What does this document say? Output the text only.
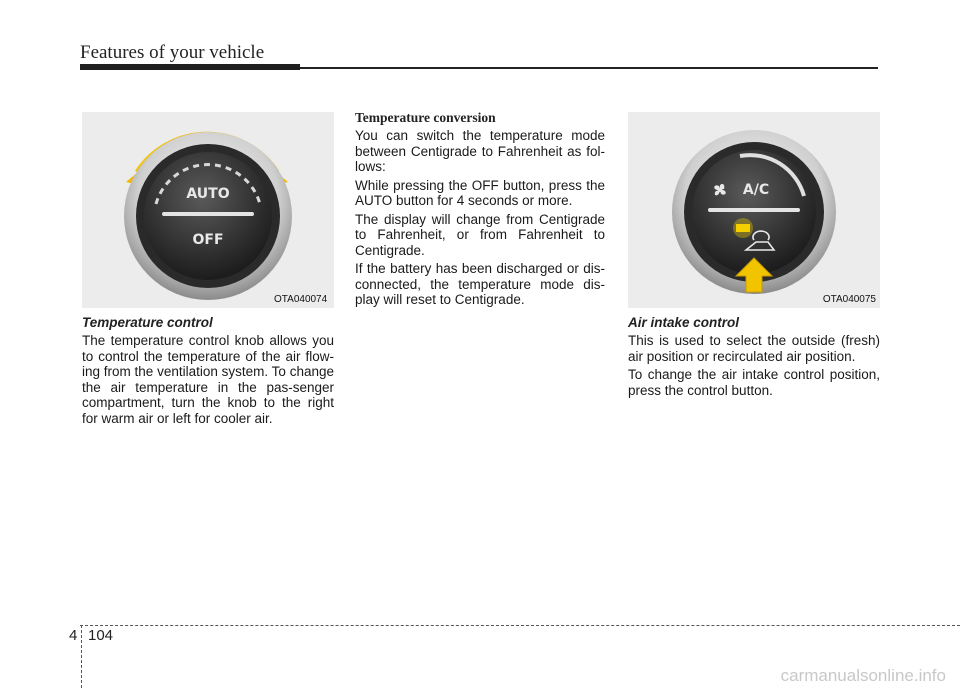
Features of your vehicle
AUTO
OFF
OTA040074
Temperature control

The temperature control knob allows you to control the temperature of the air flow-ing from the ventilation system. To change the air temperature in the pas-senger compartment, turn the knob to the right for warm air or left for cooler air.

Temperature conversion

You can switch the temperature mode between Centigrade to Fahrenheit as fol-lows:

While pressing the OFF button, press the AUTO button for 4 seconds or more.

The display will change from Centigrade to Fahrenheit, or from Fahrenheit to Centigrade.

If the battery has been discharged or dis-connected, the temperature mode dis-play will reset to Centigrade.

A/C
OTA040075
Air intake control

This is used to select the outside (fresh) air position or recirculated air position.

To change the air intake control position, press the control button.

4 104
carmanualsonline.info
